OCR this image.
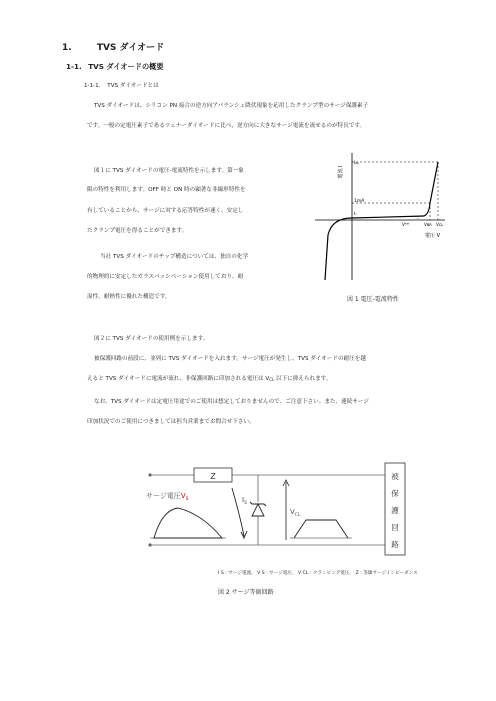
1.	TVS ダイオード
1-1. TVS ダイオードの概要
1-1-1. TVS ダイオードとは
TVS ダイオードは、シリコン PN 接合の逆方向アバランシェ降伏現象を応用したクランプ型のサージ保護素子
です。一般の定電圧素子であるツェナーダイオードに比べ、逆方向に大きなサージ電流を流せるのが特長です。
図１に TVS ダイオードの電圧-電流特性を示します。第一象
限の特性を利用します。OFF 時と ON 時の顕著な非線形特性を
有していることから、サージに対する応答特性が速く、安定し
たクランプ電圧を得ることができます。
当社 TVS ダイオードのチップ構造については、独自の化学
的物理的に安定したガラスパッシベーション使用しており、耐
湿性、耐熱性に優れた構造です。
電流 I
電圧 V
Iₚₚ
1mA
Iᵣ
Vᴿᴹ	Vʙʀ Vᴄʟ
図 1 電圧-電流特性
図２に TVS ダイオードの使用例を示します。
被保護回路の前段に、並列に TVS ダイオードを入れます。サージ電圧が発生し、TVS ダイオードの耐圧を越
えると TVS ダイオードに電流が流れ、非保護回路に印加される電圧は $V_{CL}$ 以下に抑えられます。
なお、TVS ダイオードは定電圧用途でのご使用は想定しておりませんので、ご注意下さい。また、連続サージ
印加状況でのご使用につきましては担当営業までお問合せ下さい。
Z
サージ電圧$V_S$	$I_S$
$V_{CL}$
被
保
護
回
路
I S : サージ電流、 V S : サージ電圧、 V CL : クランピング電圧、 Z : 等価サージインピーダンス
図 2 サージ等価回路
